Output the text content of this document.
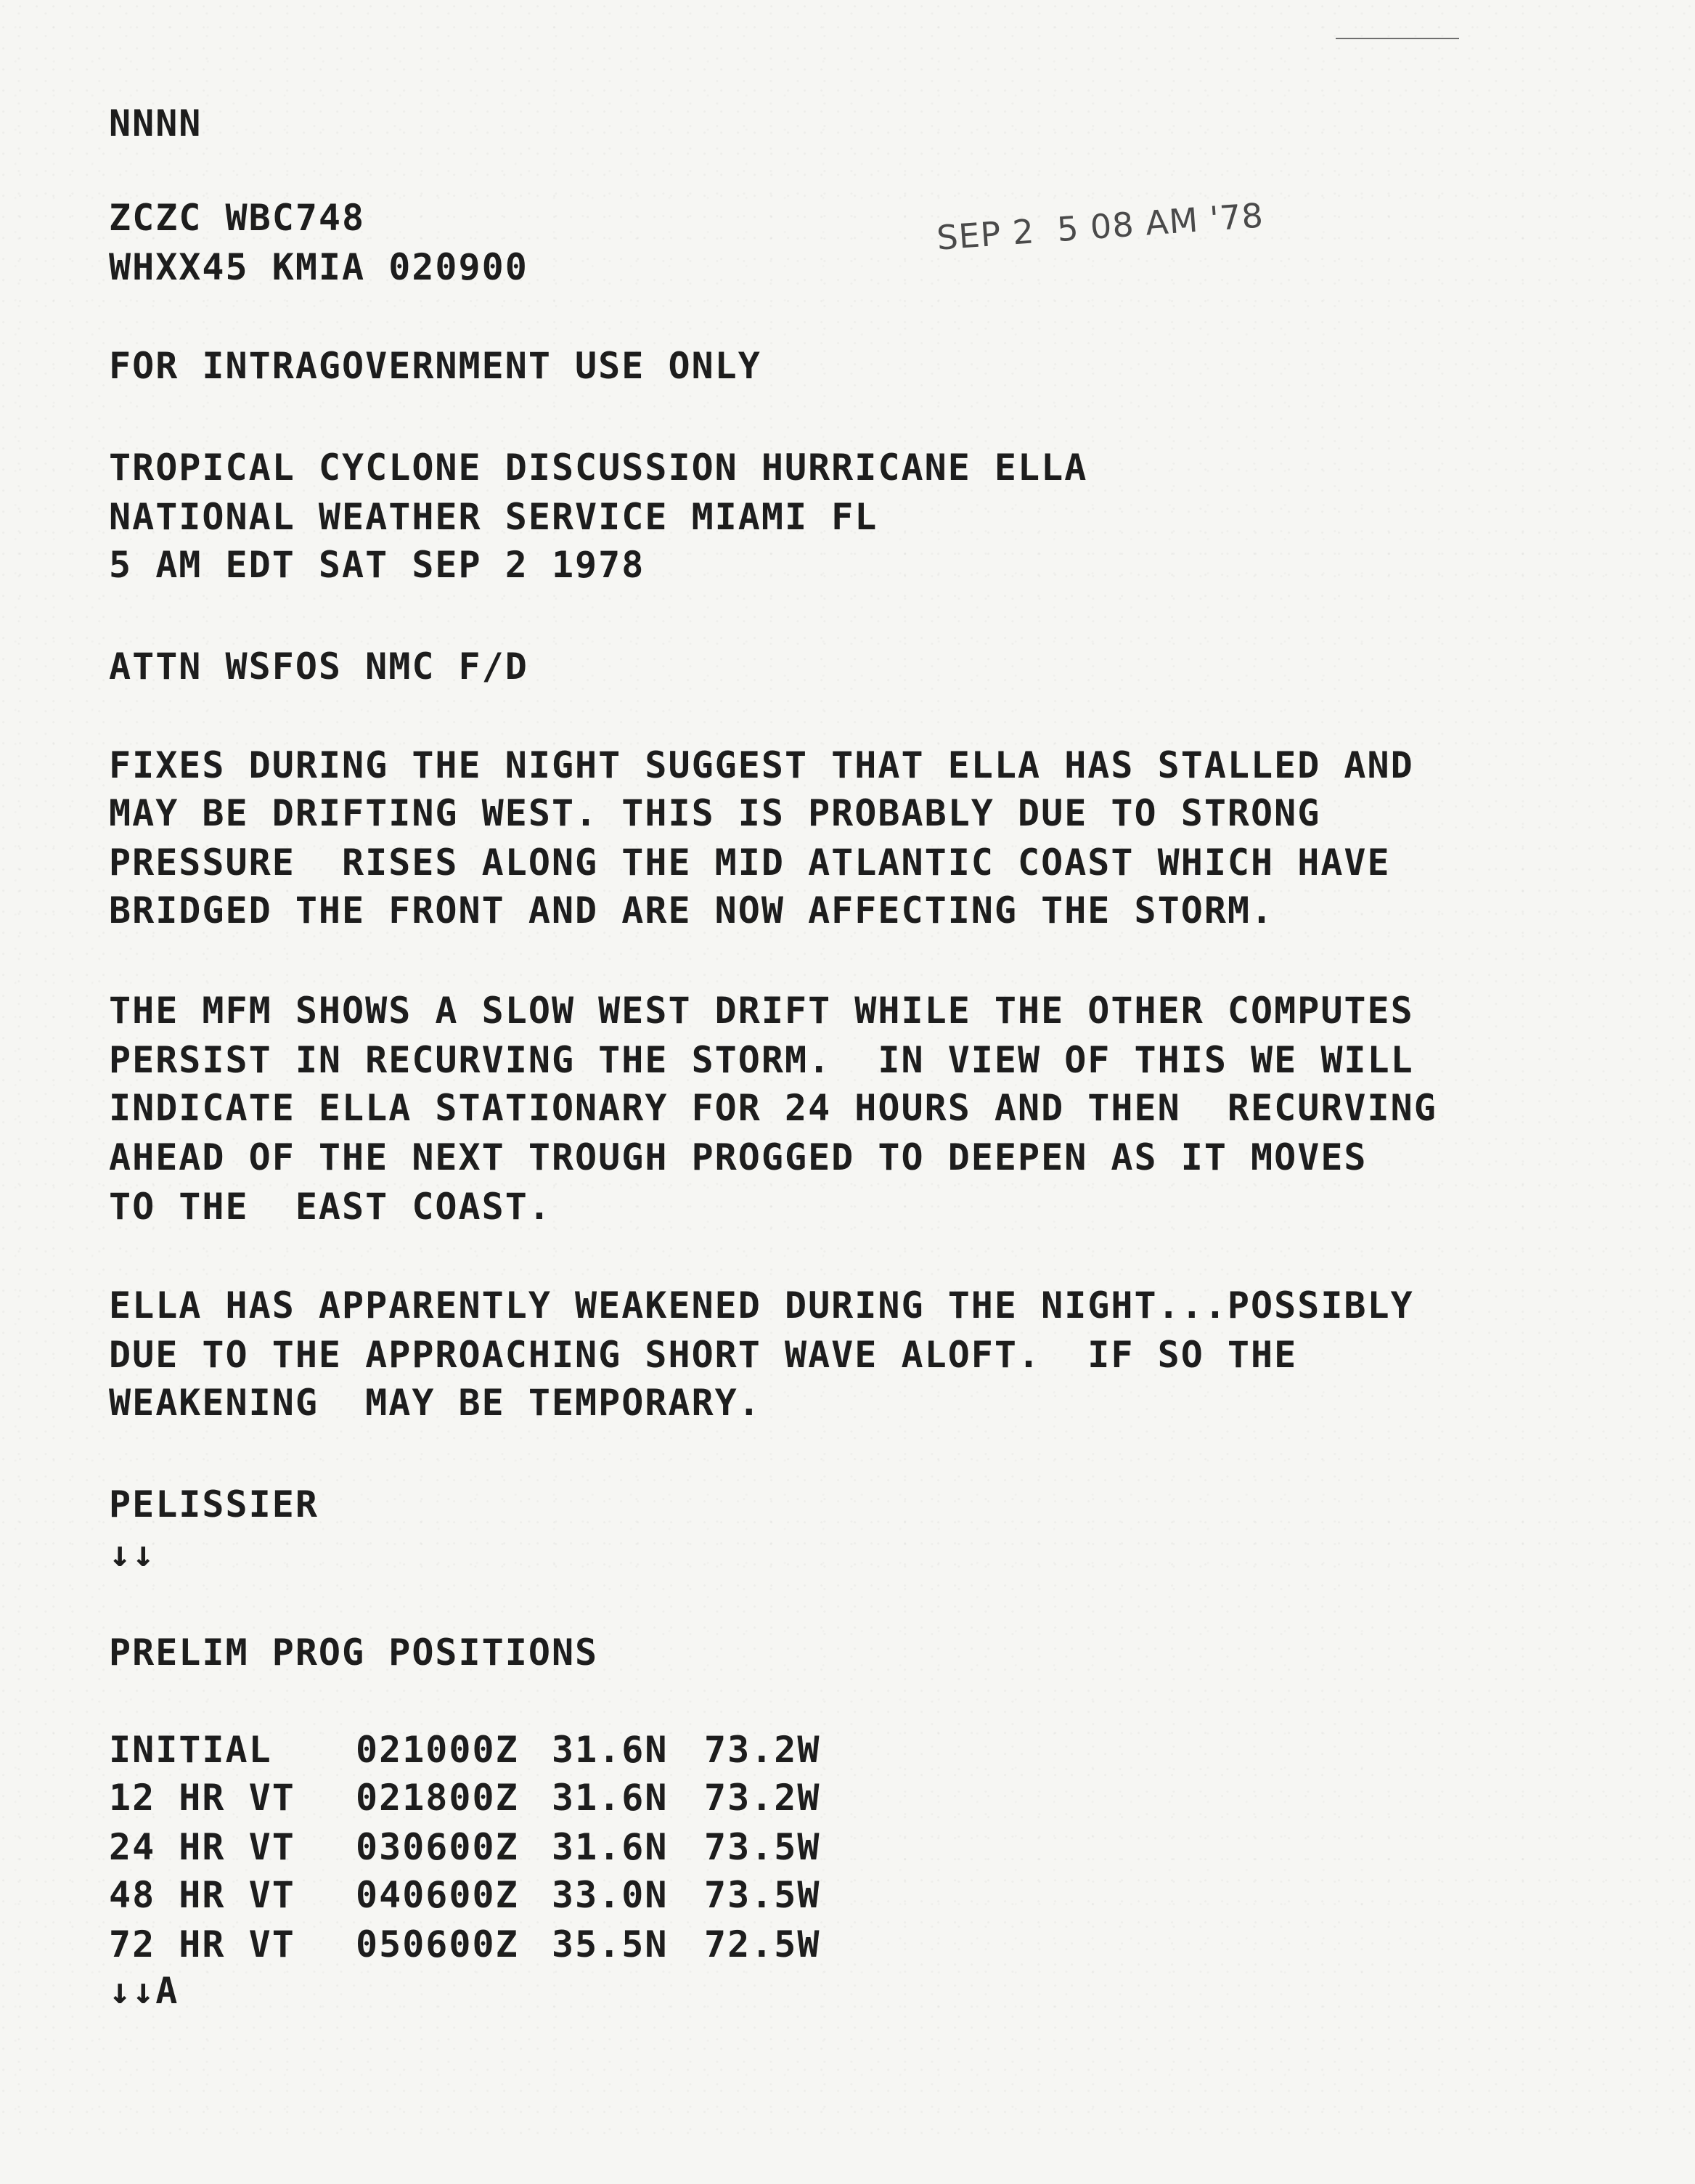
NNNN
ZCZC WBC748
WHXX45 KMIA 020900
SEP 2  5 08 AM '78
FOR INTRAGOVERNMENT USE ONLY
TROPICAL CYCLONE DISCUSSION HURRICANE ELLA
NATIONAL WEATHER SERVICE MIAMI FL
5 AM EDT SAT SEP 2 1978
ATTN WSFOS NMC F/D
FIXES DURING THE NIGHT SUGGEST THAT ELLA HAS STALLED AND
MAY BE DRIFTING WEST. THIS IS PROBABLY DUE TO STRONG
PRESSURE  RISES ALONG THE MID ATLANTIC COAST WHICH HAVE
BRIDGED THE FRONT AND ARE NOW AFFECTING THE STORM.
THE MFM SHOWS A SLOW WEST DRIFT WHILE THE OTHER COMPUTES
PERSIST IN RECURVING THE STORM.  IN VIEW OF THIS WE WILL
INDICATE ELLA STATIONARY FOR 24 HOURS AND THEN  RECURVING
AHEAD OF THE NEXT TROUGH PROGGED TO DEEPEN AS IT MOVES
TO THE  EAST COAST.
ELLA HAS APPARENTLY WEAKENED DURING THE NIGHT...POSSIBLY
DUE TO THE APPROACHING SHORT WAVE ALOFT.  IF SO THE
WEAKENING  MAY BE TEMPORARY.
PELISSIER
↓↓
PRELIM PROG POSITIONS

INITIAL

021000Z

31.6N

73.2W

12 HR VT

021800Z

31.6N

73.2W

24 HR VT

030600Z

31.6N

73.5W

48 HR VT

040600Z

33.0N

73.5W

72 HR VT

050600Z

35.5N

72.5W

↓↓A
